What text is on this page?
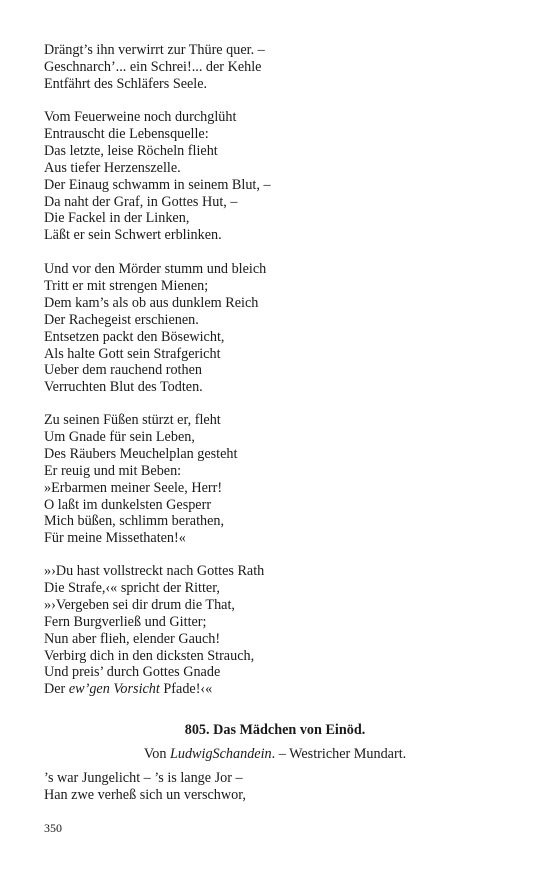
Drängt’s ihn verwirrt zur Thüre quer. –
Geschnarch’... ein Schrei!... der Kehle
Entfährt des Schläfers Seele.
Vom Feuerweine noch durchglüht
Entrauscht die Lebensquelle:
Das letzte, leise Röcheln flieht
Aus tiefer Herzenszelle.
Der Einaug schwamm in seinem Blut, –
Da naht der Graf, in Gottes Hut, –
Die Fackel in der Linken,
Läßt er sein Schwert erblinken.
Und vor den Mörder stumm und bleich
Tritt er mit strengen Mienen;
Dem kam’s als ob aus dunklem Reich
Der Rachegeist erschienen.
Entsetzen packt den Bösewicht,
Als halte Gott sein Strafgericht
Ueber dem rauchend rothen
Verruchten Blut des Todten.
Zu seinen Füßen stürzt er, fleht
Um Gnade für sein Leben,
Des Räubers Meuchelplan gesteht
Er reuig und mit Beben:
»Erbarmen meiner Seele, Herr!
O laßt im dunkelsten Gesperr
Mich büßen, schlimm berathen,
Für meine Missethaten!«
»›Du hast vollstreckt nach Gottes Rath
Die Strafe,‹« spricht der Ritter,
»›Vergeben sei dir drum die That,
Fern Burgverließ und Gitter;
Nun aber flieh, elender Gauch!
Verbirg dich in den dicksten Strauch,
Und preis’ durch Gottes Gnade
Der ew’gen Vorsicht Pfade!‹«
805. Das Mädchen von Einöd.
Von LudwigSchandein. – Westricher Mundart.
’s war Jungelicht – ’s is lange Jor –
Han zwe verheß sich un verschwor,
350
